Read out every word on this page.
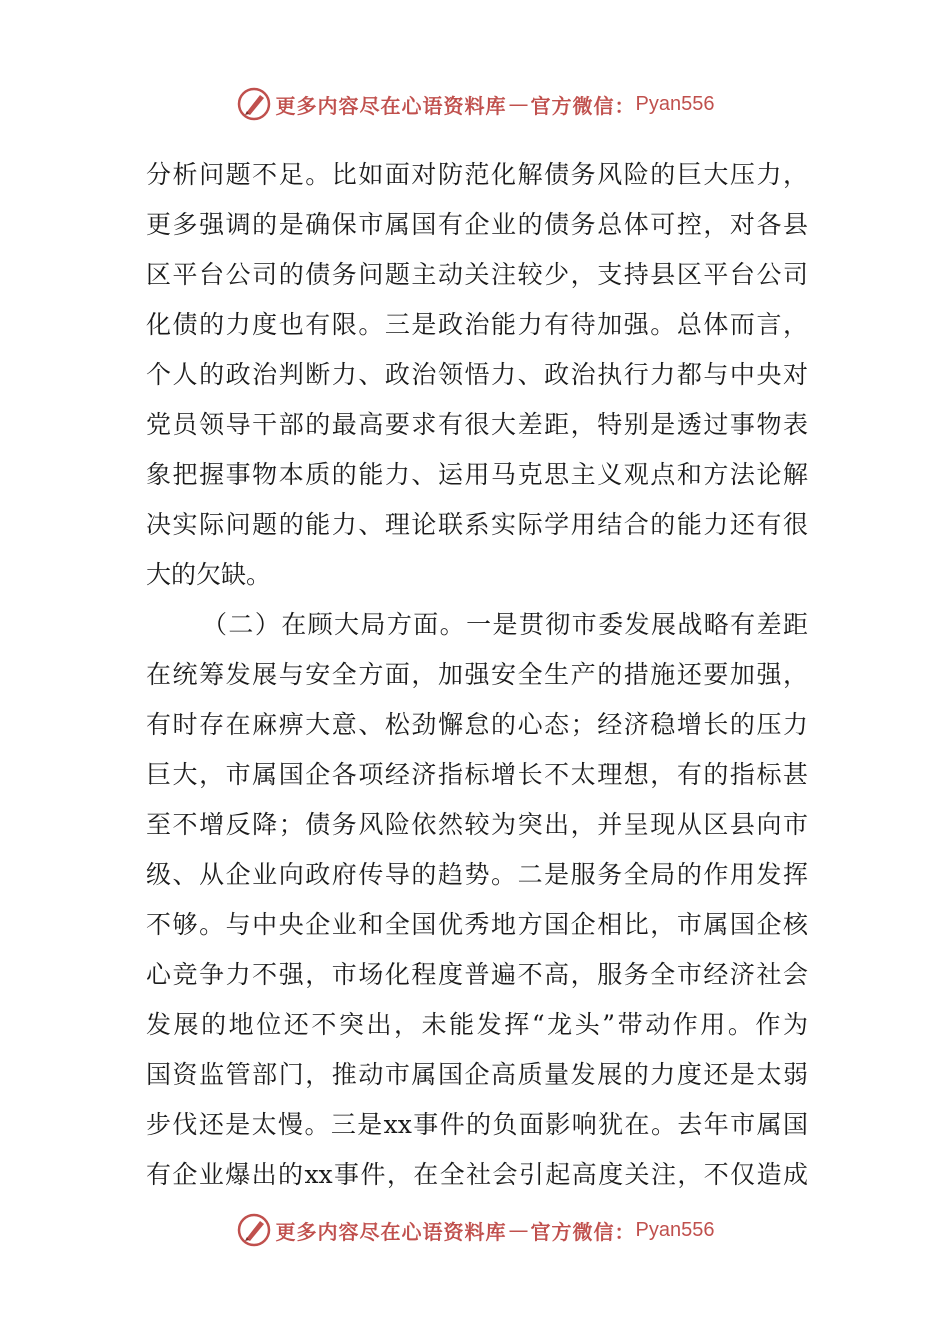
更多内容尽在心语资料库 — 官方微信： Pyan556
分析问题不足。比如面对防范化解债务风险的巨大压力，
更多强调的是确保市属国有企业的债务总体可控，对各县
区平台公司的债务问题主动关注较少，支持县区平台公司
化债的力度也有限。三是政治能力有待加强。总体而言，
个人的政治判断力、政治领悟力、政治执行力都与中央对
党员领导干部的最高要求有很大差距，特别是透过事物表
象把握事物本质的能力、运用马克思主义观点和方法论解
决实际问题的能力、理论联系实际学用结合的能力还有很
大的欠缺。
（二）在顾大局方面。一是贯彻市委发展战略有差距
在统筹发展与安全方面，加强安全生产的措施还要加强，
有时存在麻痹大意、松劲懈怠的心态；经济稳增长的压力
巨大，市属国企各项经济指标增长不太理想，有的指标甚
至不增反降；债务风险依然较为突出，并呈现从区县向市
级、从企业向政府传导的趋势。二是服务全局的作用发挥
不够。与中央企业和全国优秀地方国企相比，市属国企核
心竞争力不强，市场化程度普遍不高，服务全市经济社会
发展的地位还不突出，未能发挥“龙头”带动作用。作为
国资监管部门，推动市属国企高质量发展的力度还是太弱
步伐还是太慢。三是xx事件的负面影响犹在。去年市属国
有企业爆出的xx事件，在全社会引起高度关注，不仅造成
更多内容尽在心语资料库 — 官方微信： Pyan556
